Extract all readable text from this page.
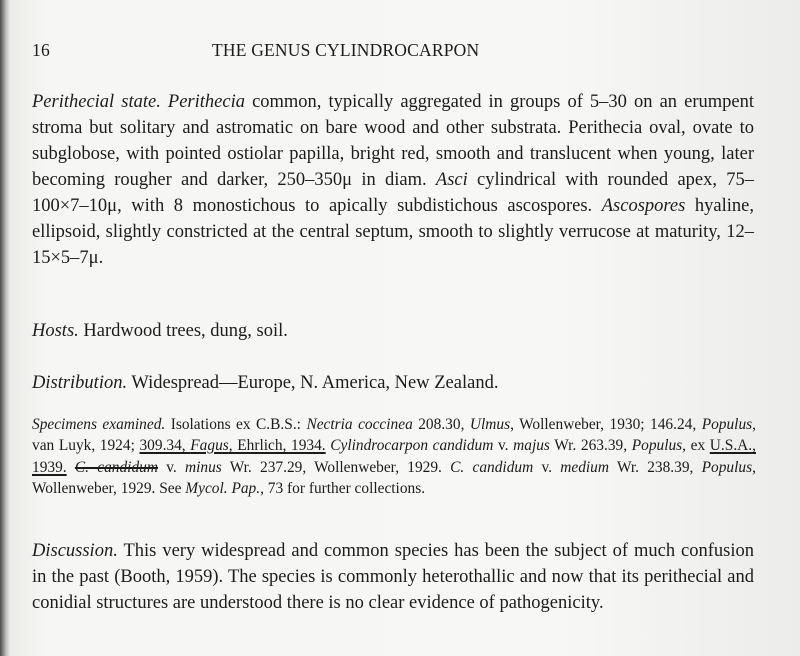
16	THE GENUS CYLINDROCARPON
Perithecial state. Perithecia common, typically aggregated in groups of 5–30 on an erumpent stroma but solitary and astromatic on bare wood and other substrata. Perithecia oval, ovate to subglobose, with pointed ostiolar papilla, bright red, smooth and translucent when young, later becoming rougher and darker, 250–350μ in diam. Asci cylindrical with rounded apex, 75–100×7–10μ, with 8 monostichous to apically subdistichous ascospores. Ascospores hyaline, ellipsoid, slightly constricted at the central septum, smooth to slightly verrucose at maturity, 12–15×5–7μ.
Hosts. Hardwood trees, dung, soil.
Distribution. Widespread—Europe, N. America, New Zealand.
Specimens examined. Isolations ex C.B.S.: Nectria coccinea 208.30, Ulmus, Wollenweber, 1930; 146.24, Populus, van Luyk, 1924; 309.34, Fagus, Ehrlich, 1934. Cylindrocarpon candidum v. majus Wr. 263.39, Populus, ex U.S.A., 1939. C. candidum v. minus Wr. 237.29, Wollenweber, 1929. C. candidum v. medium Wr. 238.39, Populus, Wollenweber, 1929. See Mycol. Pap., 73 for further collections.
Discussion. This very widespread and common species has been the subject of much confusion in the past (Booth, 1959). The species is commonly heterothallic and now that its perithecial and conidial structures are understood there is no clear evidence of pathogenicity.
